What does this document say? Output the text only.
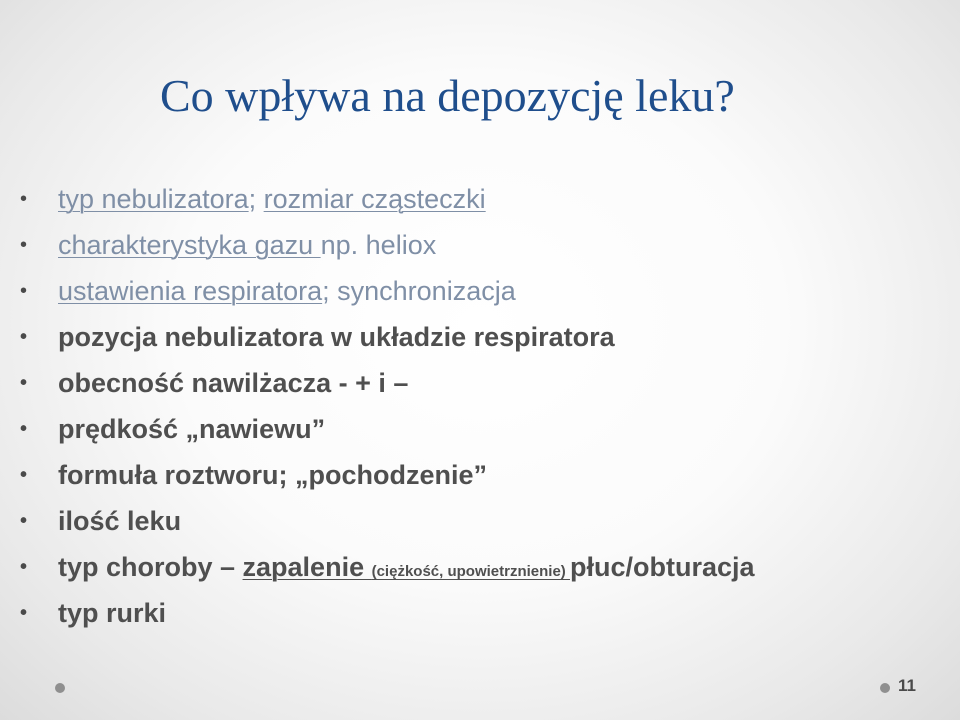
Co wpływa na depozycję leku?
•	typ nebulizatora; rozmiar cząsteczki
•	charakterystyka gazu np. heliox
•	ustawienia respiratora; synchronizacja
•	pozycja nebulizatora w układzie respiratora
•	obecność nawilżacza - + i –
•	prędkość „nawiewu”
•	formuła roztworu; „pochodzenie”
•	ilość leku
•	typ choroby – zapalenie (ciężkość, upowietrznienie) płuc/obturacja
•	typ rurki
11
